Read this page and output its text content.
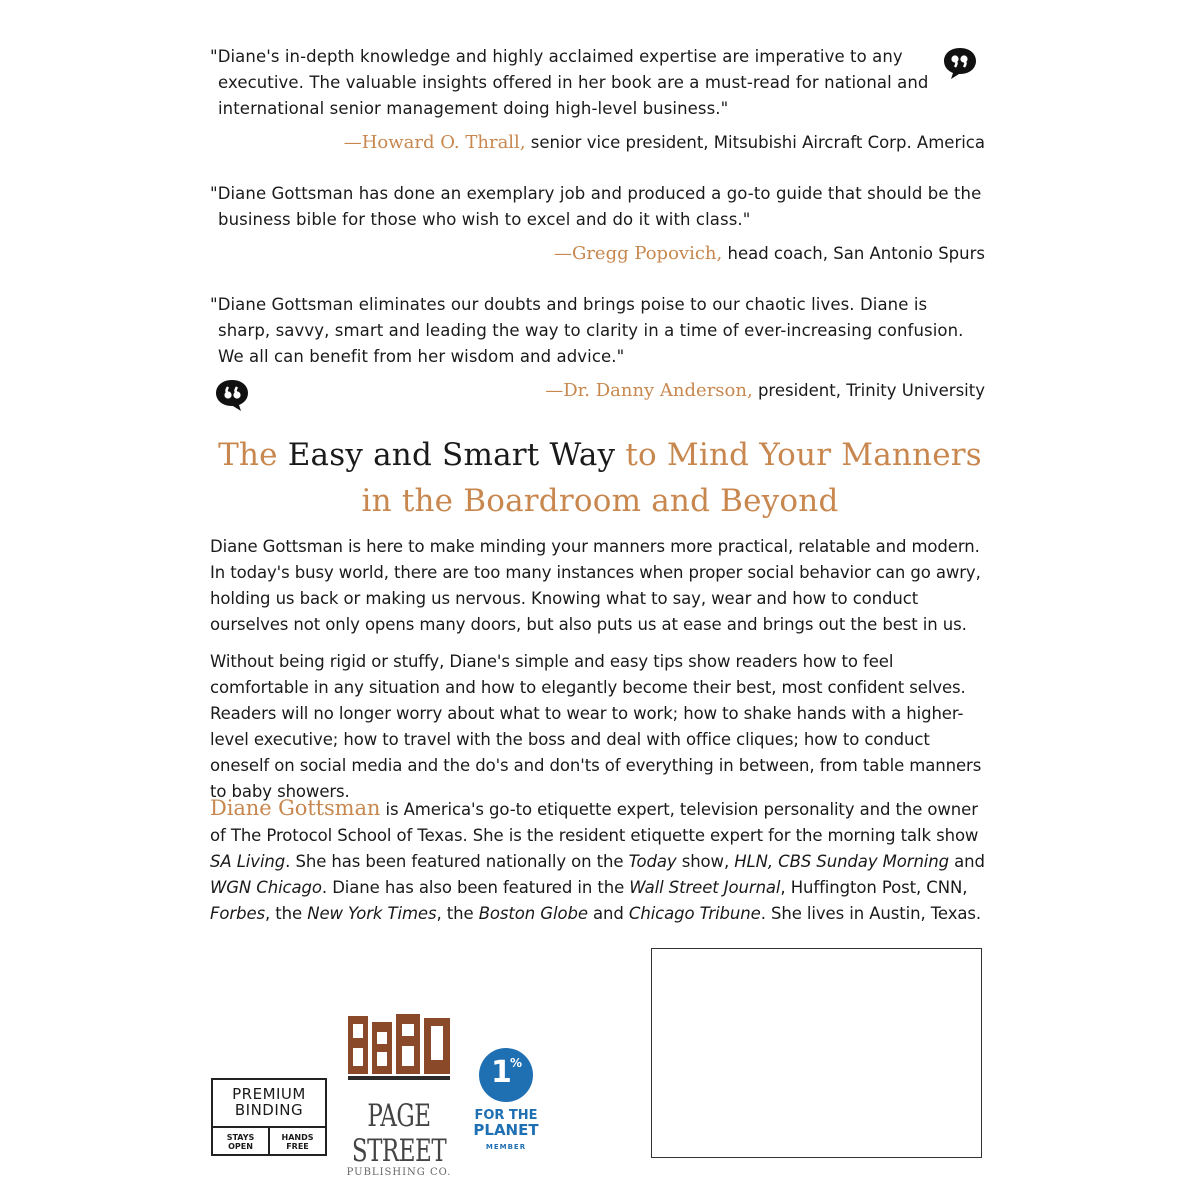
"Diane's in-depth knowledge and highly acclaimed expertise are imperative to any
executive. The valuable insights offered in her book are a must-read for national and
international senior management doing high-level business."
—Howard O. Thrall, senior vice president, Mitsubishi Aircraft Corp. America
"Diane Gottsman has done an exemplary job and produced a go-to guide that should be the
business bible for those who wish to excel and do it with class."
—Gregg Popovich, head coach, San Antonio Spurs
"Diane Gottsman eliminates our doubts and brings poise to our chaotic lives. Diane is
sharp, savvy, smart and leading the way to clarity in a time of ever-increasing confusion.
We all can benefit from her wisdom and advice."
—Dr. Danny Anderson, president, Trinity University
The Easy and Smart Way to Mind Your Manners
in the Boardroom and Beyond
Diane Gottsman is here to make minding your manners more practical, relatable and modern. In today's busy world, there are too many instances when proper social behavior can go awry, holding us back or making us nervous. Knowing what to say, wear and how to conduct ourselves not only opens many doors, but also puts us at ease and brings out the best in us.
Without being rigid or stuffy, Diane's simple and easy tips show readers how to feel comfortable in any situation and how to elegantly become their best, most confident selves. Readers will no longer worry about what to wear to work; how to shake hands with a higher-level executive; how to travel with the boss and deal with office cliques; how to conduct oneself on social media and the do's and don'ts of everything in between, from table manners to baby showers.
Diane Gottsman is America's go-to etiquette expert, television personality and the owner of The Protocol School of Texas. She is the resident etiquette expert for the morning talk show SA Living. She has been featured nationally on the Today show, HLN, CBS Sunday Morning and WGN Chicago. Diane has also been featured in the Wall Street Journal, Huffington Post, CNN, Forbes, the New York Times, the Boston Globe and Chicago Tribune. She lives in Austin, Texas.
PREMIUM
BINDING
STAYS OPEN
HANDS FREE
PAGE STREET
PUBLISHING CO.
1
%
FOR THE
PLANET
MEMBER
